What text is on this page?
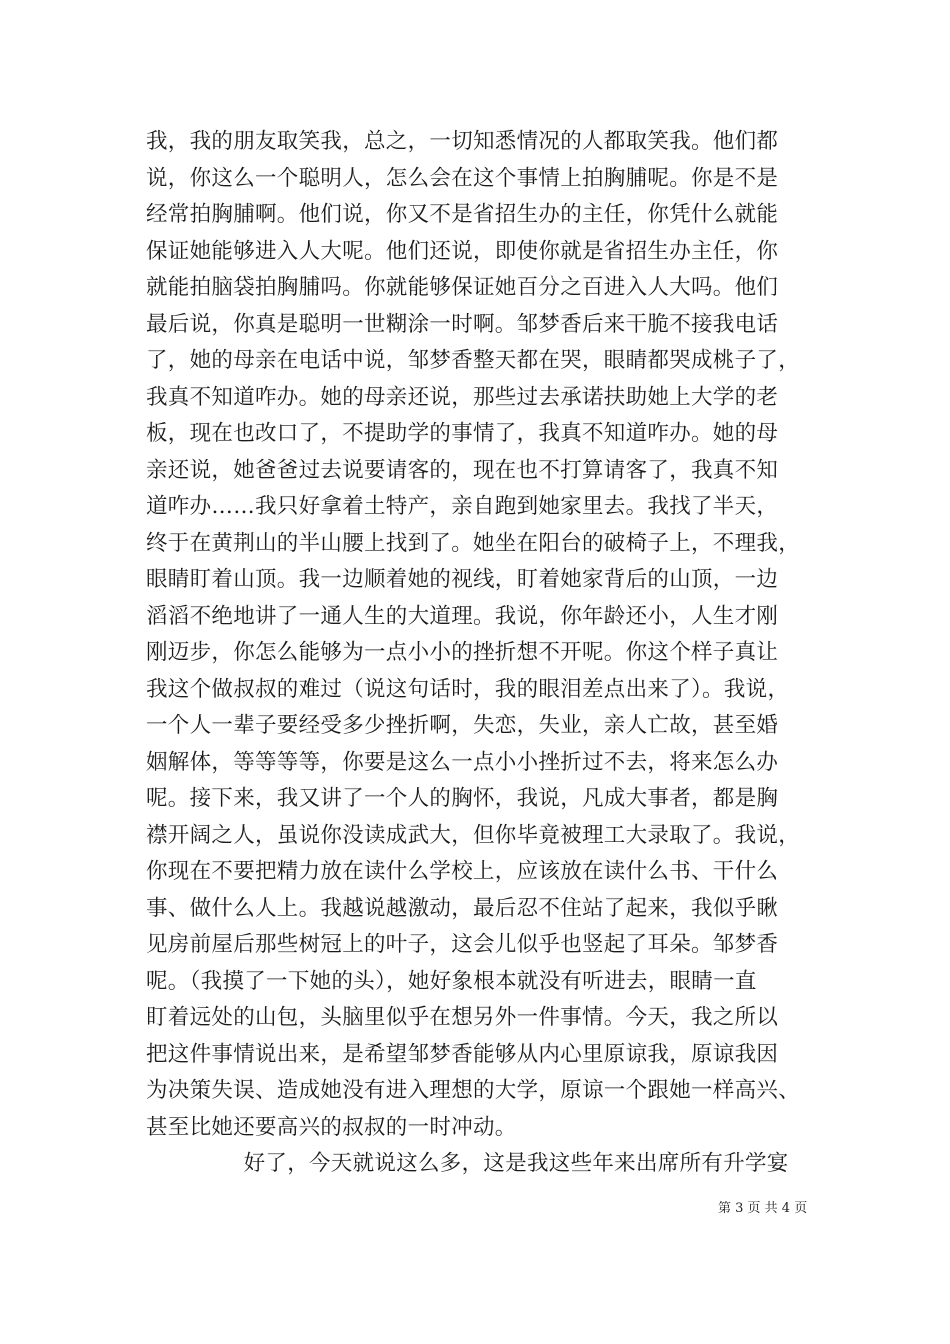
我，我的朋友取笑我，总之，一切知悉情况的人都取笑我。他们都
说，你这么一个聪明人，怎么会在这个事情上拍胸脯呢。你是不是
经常拍胸脯啊。他们说，你又不是省招生办的主任，你凭什么就能
保证她能够进入人大呢。他们还说，即使你就是省招生办主任，你
就能拍脑袋拍胸脯吗。你就能够保证她百分之百进入人大吗。他们
最后说，你真是聪明一世糊涂一时啊。邹梦香后来干脆不接我电话
了，她的母亲在电话中说，邹梦香整天都在哭，眼睛都哭成桃子了，
我真不知道咋办。她的母亲还说，那些过去承诺扶助她上大学的老
板，现在也改口了，不提助学的事情了，我真不知道咋办。她的母
亲还说，她爸爸过去说要请客的，现在也不打算请客了，我真不知
道咋办……我只好拿着土特产，亲自跑到她家里去。我找了半天，
终于在黄荆山的半山腰上找到了。她坐在阳台的破椅子上，不理我，
眼睛盯着山顶。我一边顺着她的视线，盯着她家背后的山顶，一边
滔滔不绝地讲了一通人生的大道理。我说，你年龄还小，人生才刚
刚迈步，你怎么能够为一点小小的挫折想不开呢。你这个样子真让
我这个做叔叔的难过（说这句话时，我的眼泪差点出来了）。我说，
一个人一辈子要经受多少挫折啊，失恋，失业，亲人亡故，甚至婚
姻解体，等等等等，你要是这么一点小小挫折过不去，将来怎么办
呢。接下来，我又讲了一个人的胸怀，我说，凡成大事者，都是胸
襟开阔之人，虽说你没读成武大，但你毕竟被理工大录取了。我说，
你现在不要把精力放在读什么学校上，应该放在读什么书、干什么
事、做什么人上。我越说越激动，最后忍不住站了起来，我似乎瞅
见房前屋后那些树冠上的叶子，这会儿似乎也竖起了耳朵。邹梦香
呢。（我摸了一下她的头），她好象根本就没有听进去，眼睛一直
盯着远处的山包，头脑里似乎在想另外一件事情。今天，我之所以
把这件事情说出来，是希望邹梦香能够从内心里原谅我，原谅我因
为决策失误、造成她没有进入理想的大学，原谅一个跟她一样高兴、
甚至比她还要高兴的叔叔的一时冲动。
　　好了，今天就说这么多，这是我这些年来出席所有升学宴
第 3 页 共 4 页
